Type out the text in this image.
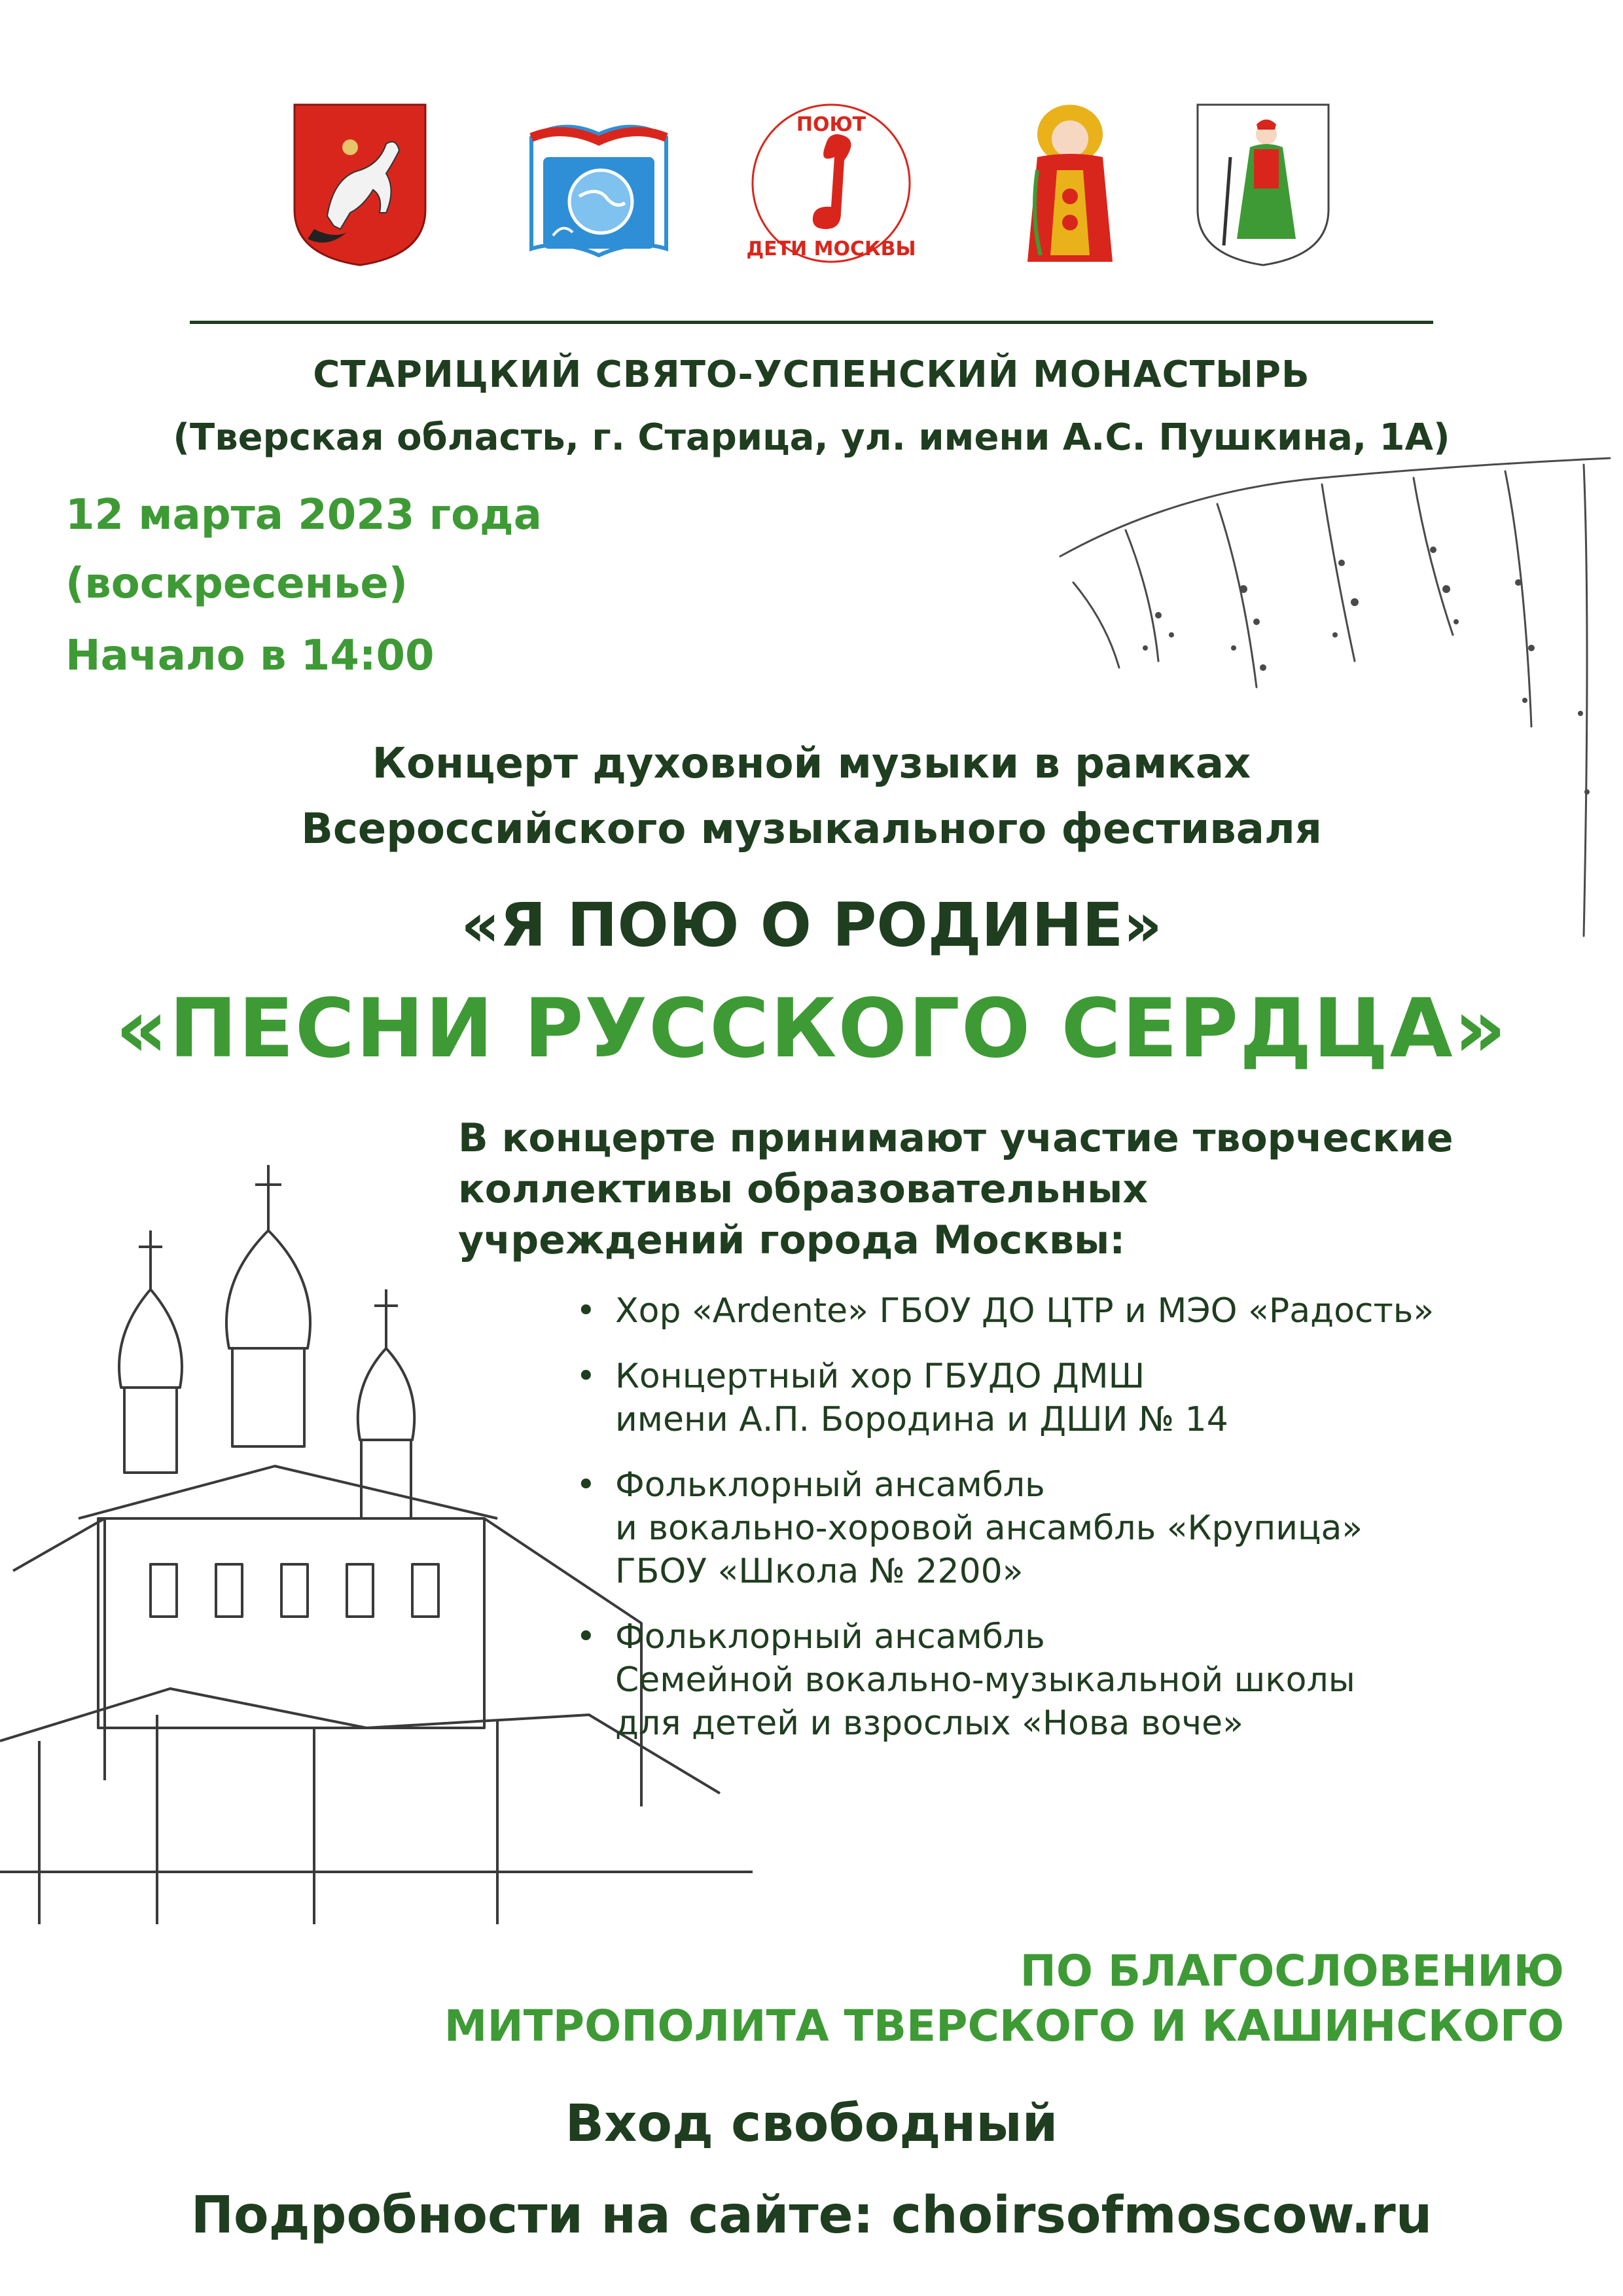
ПОЮТ
ДЕТИ МОСКВЫ
СТАРИЦКИЙ СВЯТО-УСПЕНСКИЙ МОНАСТЫРЬ
(Тверская область, г. Старица, ул. имени А.С. Пушкина, 1А)
12 марта 2023 года
(воскресенье)
Начало в 14:00
Концерт духовной музыки в рамках
Всероссийского музыкального фестиваля
«Я ПОЮ О РОДИНЕ»
«ПЕСНИ РУССКОГО СЕРДЦА»
В концерте принимают участие творческие
коллективы образовательных
учреждений города Москвы:
• Хор «Ardente» ГБОУ ДО ЦТР и МЭО «Радость»
• Концертный хор ГБУДО ДМШ
имени А.П. Бородина и ДШИ № 14
• Фольклорный ансамбль
и вокально-хоровой ансамбль «Крупица»
ГБОУ «Школа № 2200»
• Фольклорный ансамбль
Семейной вокально-музыкальной школы
для детей и взрослых «Нова воче»
ПО БЛАГОСЛОВЕНИЮ
МИТРОПОЛИТА ТВЕРСКОГО И КАШИНСКОГО
Вход свободный
Подробности на сайте: choirsofmoscow.ru
